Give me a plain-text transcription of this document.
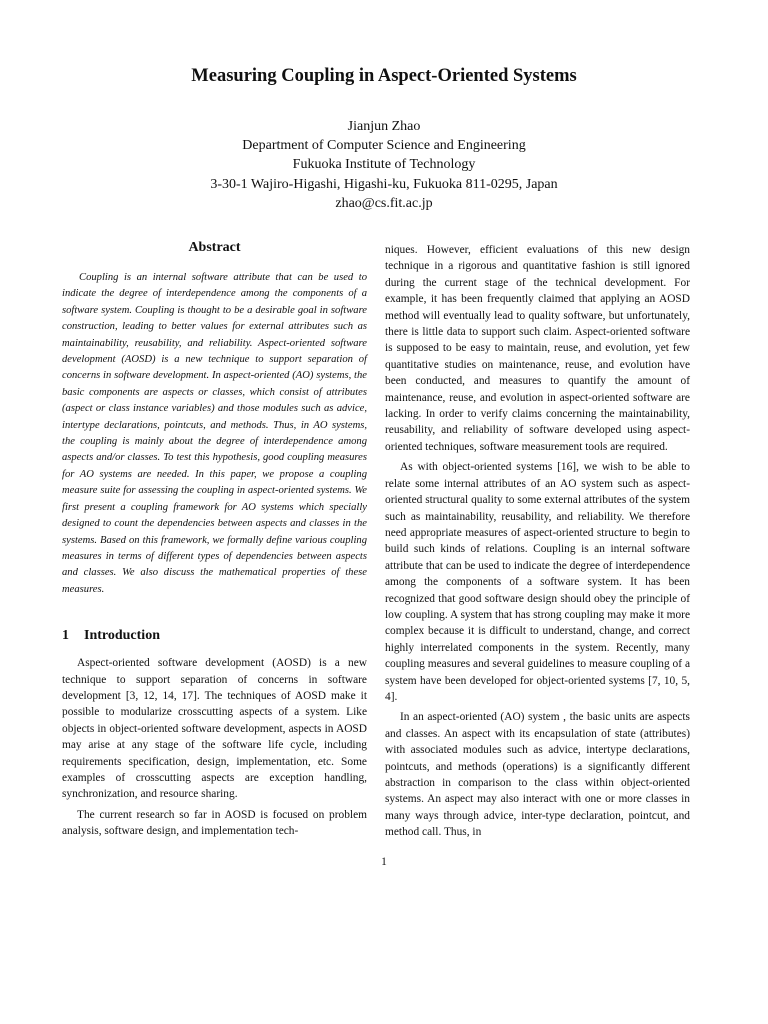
Measuring Coupling in Aspect-Oriented Systems
Jianjun Zhao
Department of Computer Science and Engineering
Fukuoka Institute of Technology
3-30-1 Wajiro-Higashi, Higashi-ku, Fukuoka 811-0295, Japan
zhao@cs.fit.ac.jp
Abstract

Coupling is an internal software attribute that can be used to indicate the degree of interdependence among the components of a software system. Coupling is thought to be a desirable goal in software construction, leading to better values for external attributes such as maintainability, reusability, and reliability. Aspect-oriented software development (AOSD) is a new technique to support separation of concerns in software development. In aspect-oriented (AO) systems, the basic components are aspects or classes, which consist of attributes (aspect or class instance variables) and those modules such as advice, intertype declarations, pointcuts, and methods. Thus, in AO systems, the coupling is mainly about the degree of interdependence among aspects and/or classes. To test this hypothesis, good coupling measures for AO systems are needed. In this paper, we propose a coupling measure suite for assessing the coupling in aspect-oriented systems. We first present a coupling framework for AO systems which specially designed to count the dependencies between aspects and classes in the systems. Based on this framework, we formally define various coupling measures in terms of different types of dependencies between aspects and classes. We also discuss the mathematical properties of these measures.

1 Introduction

Aspect-oriented software development (AOSD) is a new technique to support separation of concerns in software development [3, 12, 14, 17]. The techniques of AOSD make it possible to modularize crosscutting aspects of a system. Like objects in object-oriented software development, aspects in AOSD may arise at any stage of the software life cycle, including requirements specification, design, implementation, etc. Some examples of crosscutting aspects are exception handling, synchronization, and resource sharing.

The current research so far in AOSD is focused on problem analysis, software design, and implementation tech-

niques. However, efficient evaluations of this new design technique in a rigorous and quantitative fashion is still ignored during the current stage of the technical development. For example, it has been frequently claimed that applying an AOSD method will eventually lead to quality software, but unfortunately, there is little data to support such claim. Aspect-oriented software is supposed to be easy to maintain, reuse, and evolution, yet few quantitative studies on maintenance, reuse, and evolution have been conducted, and measures to quantify the amount of maintenance, reuse, and evolution in aspect-oriented software are lacking. In order to verify claims concerning the maintainability, reusability, and reliability of software developed using aspect-oriented techniques, software measurement tools are required.

As with object-oriented systems [16], we wish to be able to relate some internal attributes of an AO system such as aspect-oriented structural quality to some external attributes of the system such as maintainability, reusability, and reliability. We therefore need appropriate measures of aspect-oriented structure to begin to build such kinds of relations. Coupling is an internal software attribute that can be used to indicate the degree of interdependence among the components of a software system. It has been recognized that good software design should obey the principle of low coupling. A system that has strong coupling may make it more complex because it is difficult to understand, change, and correct highly interrelated components in the system. Recently, many coupling measures and several guidelines to measure coupling of a system have been developed for object-oriented systems [7, 10, 5, 4].

In an aspect-oriented (AO) system , the basic units are aspects and classes. An aspect with its encapsulation of state (attributes) with associated modules such as advice, intertype declarations, pointcuts, and methods (operations) is a significantly different abstraction in comparison to the class within object-oriented systems. An aspect may also interact with one or more classes in many ways through advice, inter-type declaration, pointcut, and method call. Thus, in

1
